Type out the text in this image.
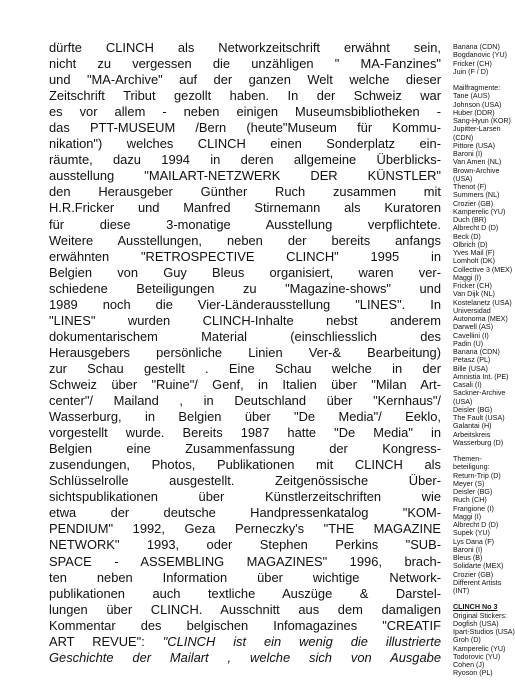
dürfte CLINCH als Networkzeitschrift erwähnt sein,
nicht zu vergessen die unzähligen " MA-Fanzines"
und "MA-Archive" auf der ganzen Welt welche dieser
Zeitschrift Tribut gezollt haben. In der Schweiz war
es vor allem - neben einigen Museumsbibliotheken -
das PTT-MUSEUM /Bern (heute"Museum für Kommu-
nikation") welches CLINCH einen Sonderplatz ein-
räumte, dazu 1994 in deren allgemeine Überblicks-
ausstellung "MAILART-NETZWERK DER KÜNSTLER"
den Herausgeber Günther Ruch zusammen mit
H.R.Fricker und Manfred Stirnemann als Kuratoren
für diese 3-monatige Ausstellung verpflichtete.
Weitere Ausstellungen, neben der bereits anfangs
erwähnten "RETROSPECTIVE CLINCH" 1995 in
Belgien von Guy Bleus organisiert, waren ver-
schiedene Beteiligungen zu "Magazine-shows" und
1989 noch die Vier-Länderausstellung "LINES". In
"LINES" wurden CLINCH-Inhalte nebst anderem
dokumentarischem Material (einschliesslich des
Herausgebers persönliche Linien Ver-& Bearbeitung)
zur Schau gestellt . Eine Schau welche in der
Schweiz über "Ruine"/ Genf, in Italien über "Milan Art-
center"/ Mailand , in Deutschland über "Kernhaus"/
Wasserburg, in Belgien über "De Media"/ Eeklo,
vorgestellt wurde. Bereits 1987 hatte "De Media" in
Belgien eine Zusammenfassung der Kongress-
zusendungen, Photos, Publikationen mit CLINCH als
Schlüsselrolle ausgestellt. Zeitgenössische Über-
sichtspublikationen über Künstlerzeitschriften wie
etwa der deutsche Handpressenkatalog "KOM-
PENDIUM" 1992, Geza Perneczky's "THE MAGAZINE
NETWORK" 1993, oder Stephen Perkins "SUB-
SPACE - ASSEMBLING MAGAZINES" 1996, brach-
ten neben Information über wichtige Network-
publikationen auch textliche Auszüge & Darstel-
lungen über CLINCH. Ausschnitt aus dem damaligen
Kommentar des belgischen Infomagazines "CREATIF
ART REVUE": "CLINCH ist ein wenig die illustrierte
Geschichte der Mailart , welche sich von Ausgabe
Banana (CDN)
Bogdanovic (YU)
Fricker (CH)
Juin (F / D)
Mailfragmente:
Tane (AUS)
Johnson (USA)
Huber (DDR)
Sang-Hyun (KOR)
Jupitter-Larsen
(CDN)
Pittore (USA)
Baroni (I)
Van Amen (NL)
Brown-Archive
(USA)
Thenot (F)
Summers (NL)
Crozier (GB)
Kamperelic (YU)
Duch (BR)
Albrecht D (D)
Beck (D)
Olbrich (D)
Yves Mail (F)
Lomholt (DK)
Collective 3 (MEX)
Maggi (I)
Fricker (CH)
Van Dijk (NL)
Kostelanetz (USA)
Universidad
Autonoma (MEX)
Darwell (AS)
Cavellini (I)
Padin (U)
Banana (CDN)
Petasz (PL)
Bille (USA)
Amnistia Int. (PE)
Casali (I)
Sackner-Archive
(USA)
Deisler (BG)
The Fault (USA)
Galantai (H)
Arbeitskreis
Wasserburg (D)
Themen-
beteiligung:
Return-Trip (D)
Meyer (S)
Deisler (BG)
Ruch (CH)
Frangione (I)
Maggi (I)
Albrecht D (D)
Supek (YU)
Lys Dana (F)
Baroni (I)
Bleus (B)
Solidarte (MEX)
Crozier (GB)
Different Artists
(INT)
CLINCH No 3
Original Stickers:
Dogfish (USA)
Ipart-Studios (USA)
Groh (D)
Kamperelic (YU)
Todorovic (YU)
Cohen (J)
Ryoson (PL)
